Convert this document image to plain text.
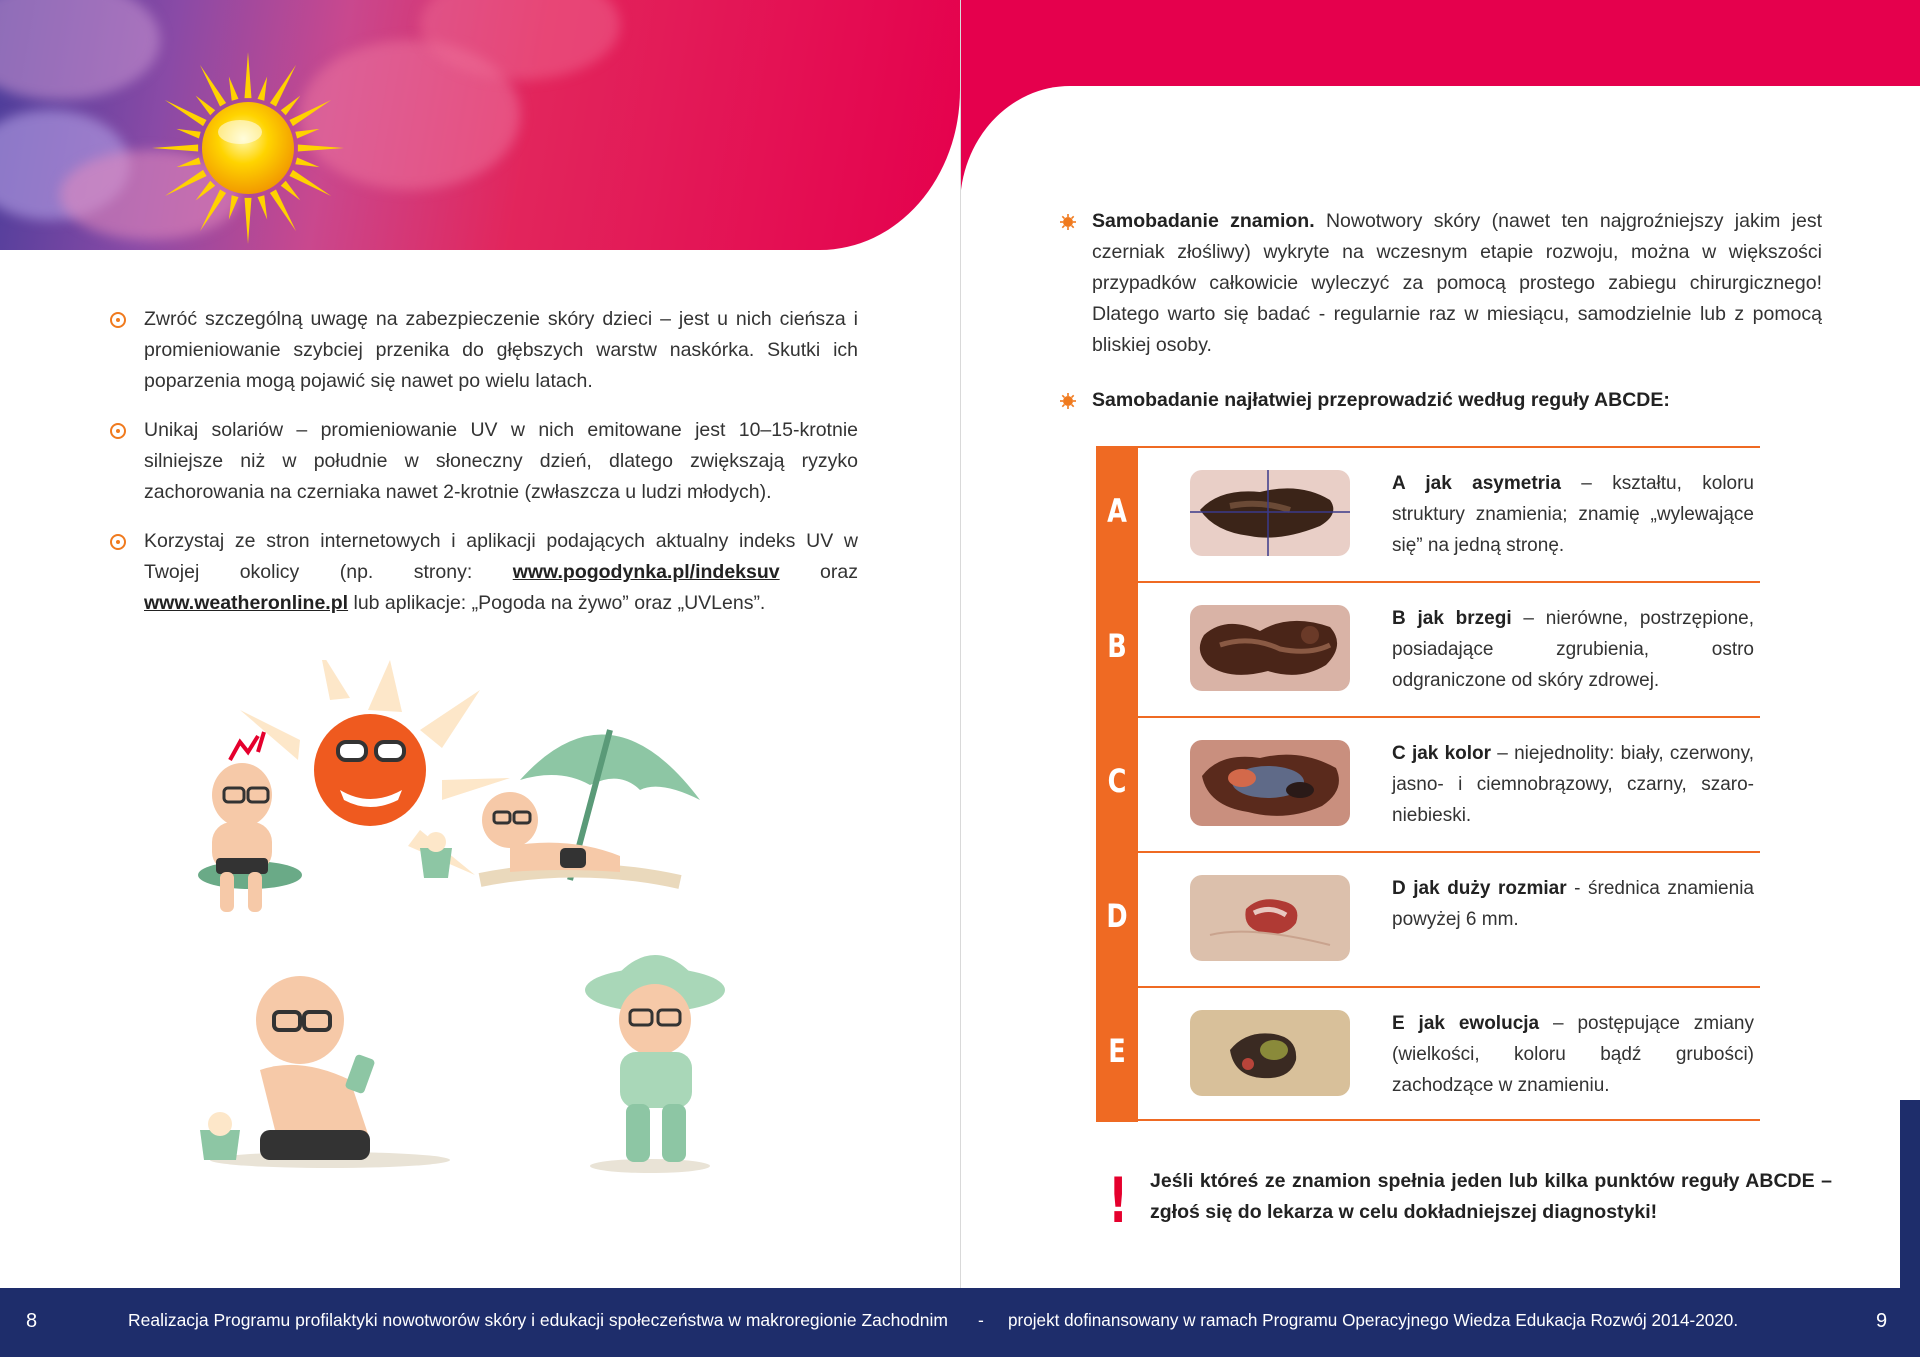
Zwróć szczególną uwagę na zabezpieczenie skóry dzieci – jest u nich cieńsza i promieniowanie szybciej przenika do głębszych warstw naskórka. Skutki ich poparzenia mogą pojawić się nawet po wielu latach.
Unikaj solariów – promieniowanie UV w nich emitowane jest 10–15-krotnie silniejsze niż w południe w słoneczny dzień, dlatego zwiększają ryzyko zachorowania na czerniaka nawet 2-krotnie (zwłaszcza u ludzi młodych).
Korzystaj ze stron internetowych i aplikacji podających aktualny indeks UV w Twojej okolicy (np. strony: www.pogodynka.pl/indeksuv oraz www.weatheronline.pl lub aplikacje: „Pogoda na żywo” oraz „UVLens”.
Samobadanie znamion. Nowotwory skóry (nawet ten najgroźniejszy jakim jest czerniak złośliwy) wykryte na wczesnym etapie rozwoju, można w większości przypadków całkowicie wyleczyć za pomocą prostego zabiegu chirurgicznego! Dlatego warto się badać - regularnie raz w miesiącu, samodzielnie lub z pomocą bliskiej osoby.
Samobadanie najłatwiej przeprowadzić według reguły ABCDE:
A
A jak asymetria – kształtu, koloru struktury znamienia; znamię „wylewające się” na jedną stronę.
B
B jak brzegi – nierówne, postrzępione, posiadające zgrubienia, ostro odgraniczone od skóry zdrowej.
C
C jak kolor – niejednolity: biały, czerwony, jasno- i ciemnobrązowy, czarny, szaro-niebieski.
D
D jak duży rozmiar - średnica znamienia powyżej 6 mm.
E
E jak ewolucja – postępujące zmiany (wielkości, koloru bądź grubości) zachodzące w znamieniu.
! Jeśli któreś ze znamion spełnia jeden lub kilka punktów reguły ABCDE – zgłoś się do lekarza w celu dokładniejszej diagnostyki!
8	Realizacja Programu profilaktyki nowotworów skóry i edukacji społeczeństwa w makroregionie Zachodnim - projekt dofinansowany w ramach Programu Operacyjnego Wiedza Edukacja Rozwój 2014-2020.	9
